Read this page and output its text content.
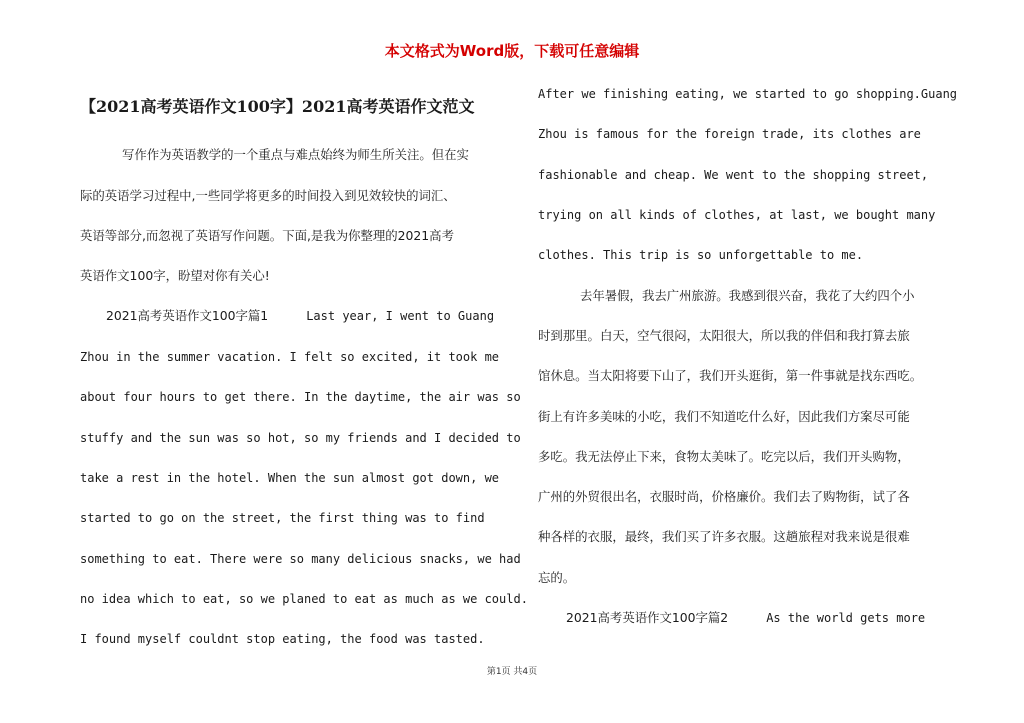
本文格式为Word版，下载可任意编辑
【2021高考英语作文100字】2021高考英语作文范文
写作作为英语教学的一个重点与难点始终为师生所关注。但在实
际的英语学习过程中,一些同学将更多的时间投入到见效较快的词汇、
英语等部分,而忽视了英语写作问题。下面,是我为你整理的2021高考
英语作文100字，盼望对你有关心!
2021高考英语作文100字篇1	Last year, I went to Guang
Zhou in the summer vacation. I felt so excited, it took me
about four hours to get there. In the daytime, the air was so
stuffy and the sun was so hot, so my friends and I decided to
take a rest in the hotel. When the sun almost got down, we
started to go on the street, the first thing was to find
something to eat. There were so many delicious snacks, we had
no idea which to eat, so we planed to eat as much as we could.
I found myself couldnt stop eating, the food was tasted.
After we finishing eating, we started to go shopping.Guang
Zhou is famous for the foreign trade, its clothes are
fashionable and cheap. We went to the shopping street,
trying on all kinds of clothes, at last, we bought many
clothes. This trip is so unforgettable to me.
去年暑假，我去广州旅游。我感到很兴奋，我花了大约四个小
时到那里。白天，空气很闷，太阳很大，所以我的伴侣和我打算去旅
馆休息。当太阳将要下山了，我们开头逛街，第一件事就是找东西吃。
街上有许多美味的小吃，我们不知道吃什么好，因此我们方案尽可能
多吃。我无法停止下来，食物太美味了。吃完以后，我们开头购物，
广州的外贸很出名，衣服时尚，价格廉价。我们去了购物街，试了各
种各样的衣服，最终，我们买了许多衣服。这趟旅程对我来说是很难
忘的。
2021高考英语作文100字篇2	As the world gets more
第1页 共4页
